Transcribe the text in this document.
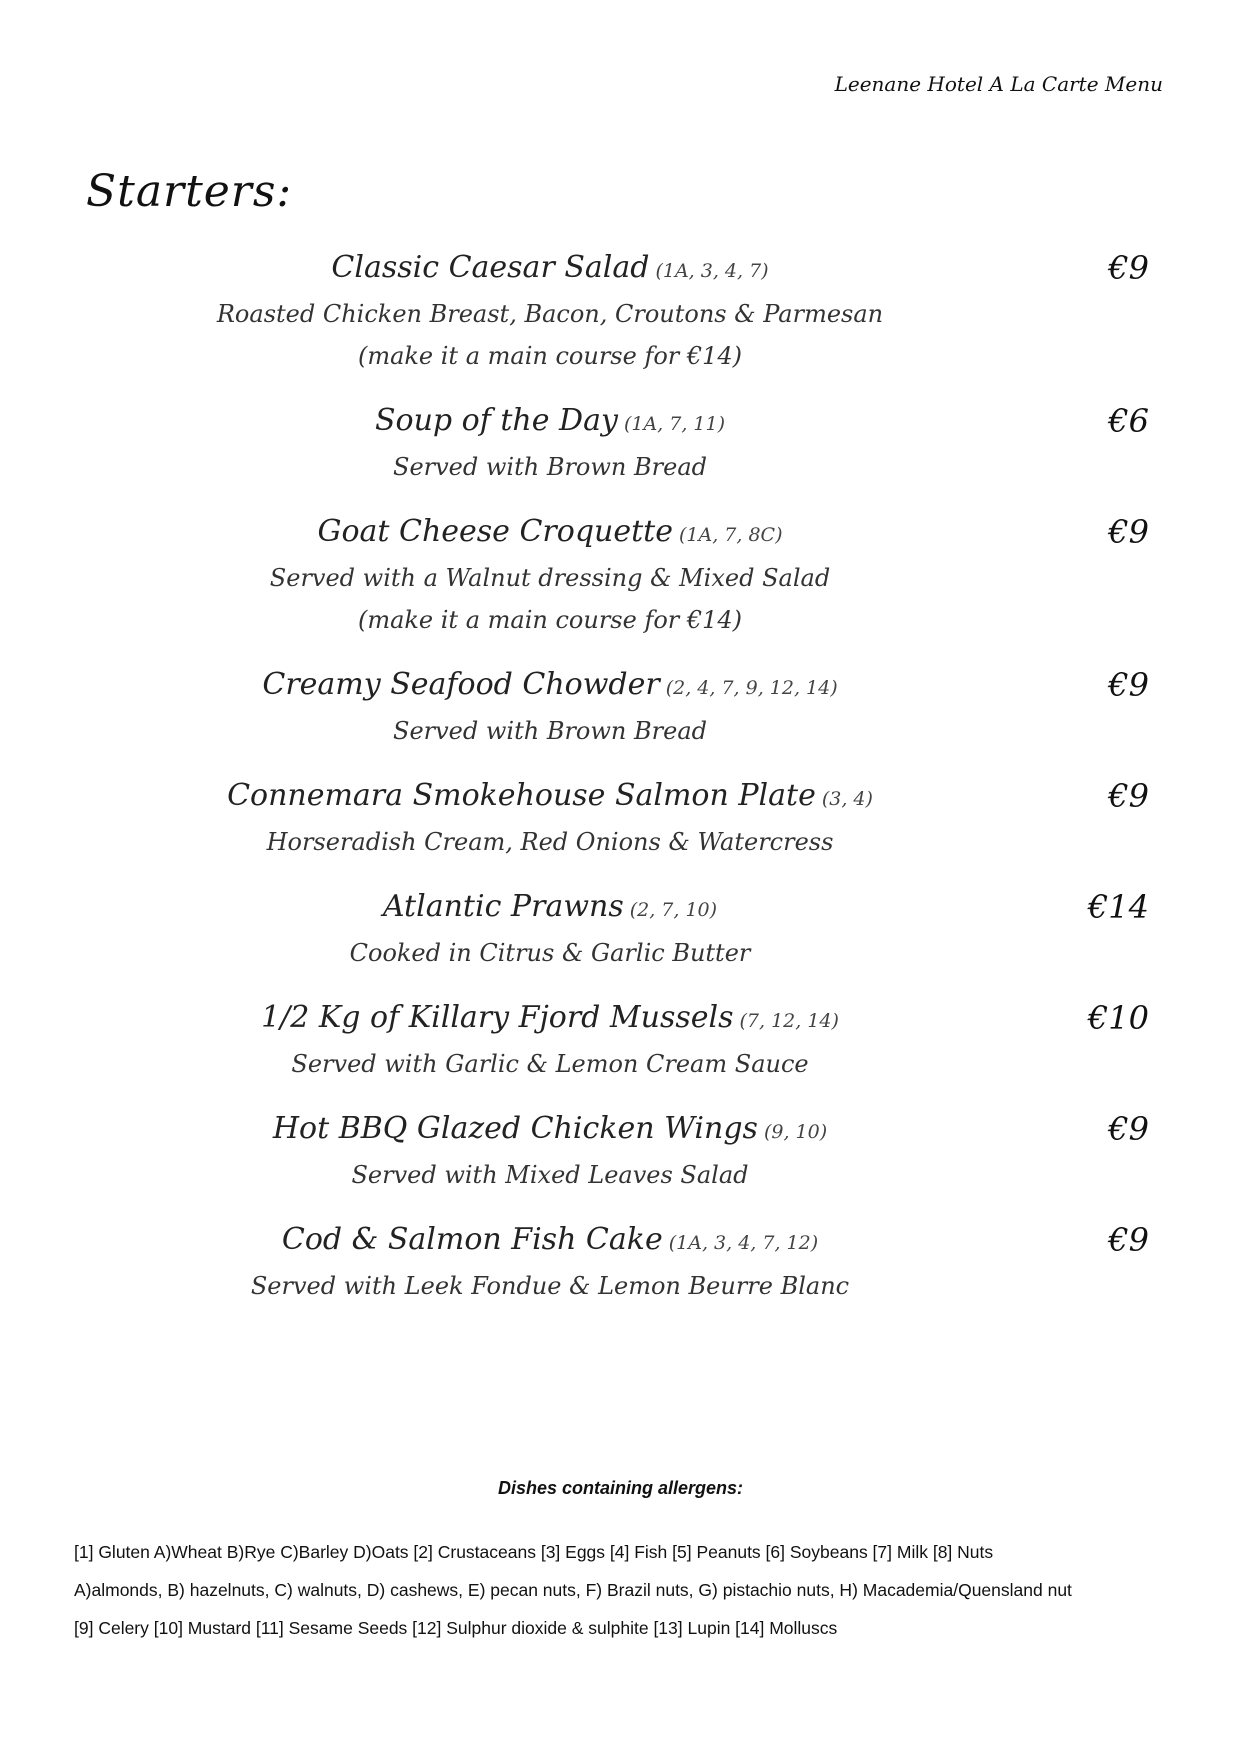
Leenane Hotel A La Carte Menu
Starters:
Classic Caesar Salad (1A, 3, 4, 7)
Roasted Chicken Breast, Bacon, Croutons & Parmesan
(make it a main course for €14)
€9
Soup of the Day (1A, 7, 11)
Served with Brown Bread
€6
Goat Cheese Croquette (1A, 7, 8C)
Served with a Walnut dressing & Mixed Salad
(make it a main course for €14)
€9
Creamy Seafood Chowder (2, 4, 7, 9, 12, 14)
Served with Brown Bread
€9
Connemara Smokehouse Salmon Plate (3, 4)
Horseradish Cream, Red Onions & Watercress
€9
Atlantic Prawns (2, 7, 10)
Cooked in Citrus & Garlic Butter
€14
1/2 Kg of Killary Fjord Mussels (7, 12, 14)
Served with Garlic & Lemon Cream Sauce
€10
Hot BBQ Glazed Chicken Wings (9, 10)
Served with Mixed Leaves Salad
€9
Cod & Salmon Fish Cake (1A, 3, 4, 7, 12)
Served with Leek Fondue & Lemon Beurre Blanc
€9
Dishes containing allergens:
[1] Gluten A)Wheat B)Rye C)Barley D)Oats [2] Crustaceans [3] Eggs [4] Fish [5] Peanuts [6] Soybeans [7] Milk [8] Nuts
A)almonds, B) hazelnuts, C) walnuts, D) cashews, E) pecan nuts, F) Brazil nuts, G) pistachio nuts, H) Macademia/Quensland nut
[9] Celery [10] Mustard [11] Sesame Seeds [12] Sulphur dioxide & sulphite [13] Lupin [14] Molluscs
